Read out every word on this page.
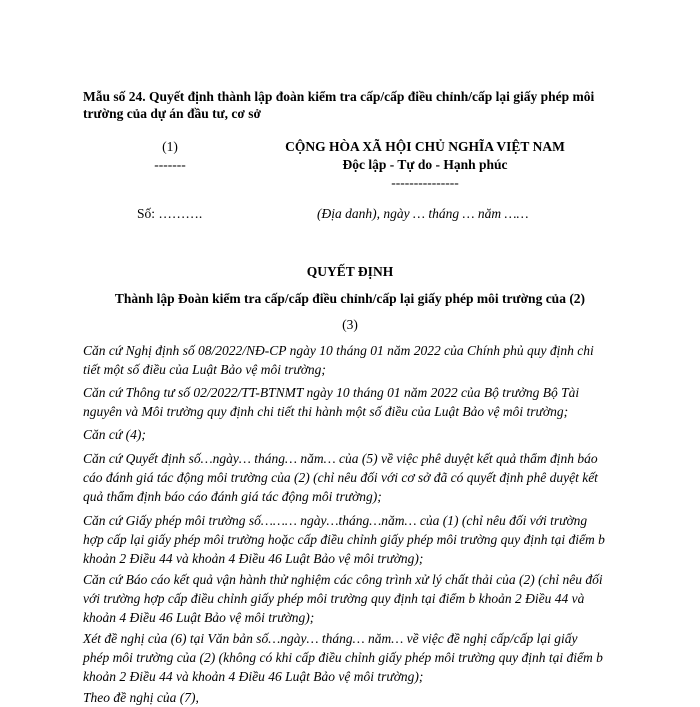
Mẫu số 24. Quyết định thành lập đoàn kiểm tra cấp/cấp điều chỉnh/cấp lại giấy phép môi
trường của dự án đầu tư, cơ sở
(1)
-------
CỘNG HÒA XÃ HỘI CHỦ NGHĨA VIỆT NAM
Độc lập - Tự do - Hạnh phúc
---------------
Số: ……….	(Địa danh), ngày … tháng … năm ……
QUYẾT ĐỊNH
Thành lập Đoàn kiểm tra cấp/cấp điều chỉnh/cấp lại giấy phép môi trường của (2)
(3)

Căn cứ Nghị định số 08/2022/NĐ-CP ngày 10 tháng 01 năm 2022 của Chính phủ quy định chi

tiết một số điều của Luật Bảo vệ môi trường;

Căn cứ Thông tư số 02/2022/TT-BTNMT ngày 10 tháng 01 năm 2022 của Bộ trưởng Bộ Tài

nguyên và Môi trường quy định chi tiết thi hành một số điều của Luật Bảo vệ môi trường;

Căn cứ (4);

Căn cứ Quyết định số…ngày… tháng… năm… của (5) về việc phê duyệt kết quả thẩm định báo

cáo đánh giá tác động môi trường của (2) (chỉ nêu đối với cơ sở đã có quyết định phê duyệt kết

quả thẩm định báo cáo đánh giá tác động môi trường);

Căn cứ Giấy phép môi trường số……… ngày…tháng…năm… của (1) (chỉ nêu đối với trường

hợp cấp lại giấy phép môi trường hoặc cấp điều chỉnh giấy phép môi trường quy định tại điểm b

khoản 2 Điều 44 và khoản 4 Điều 46 Luật Bảo vệ môi trường);

Căn cứ Báo cáo kết quả vận hành thử nghiệm các công trình xử lý chất thải của (2) (chỉ nêu đối

với trường hợp cấp điều chỉnh giấy phép môi trường quy định tại điểm b khoản 2 Điều 44 và

khoản 4 Điều 46 Luật Bảo vệ môi trường);

Xét đề nghị của (6) tại Văn bản số…ngày… tháng… năm… về việc đề nghị cấp/cấp lại giấy

phép môi trường của (2) (không có khi cấp điều chỉnh giấy phép môi trường quy định tại điểm b

khoản 2 Điều 44 và khoản 4 Điều 46 Luật Bảo vệ môi trường);

Theo đề nghị của (7),
